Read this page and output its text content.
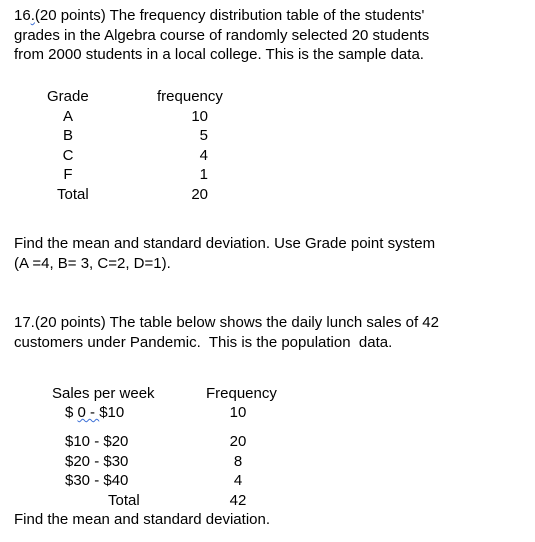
16.(20 points) The frequency distribution table of the students'
grades in the Algebra course of randomly selected 20 students
from 2000 students in a local college. This is the sample data.
Grade	frequency
A	10
B	5
C	4
F	1
Total	20
Find the mean and standard deviation. Use Grade point system
(A =4, B= 3, C=2, D=1).
17.(20 points) The table below shows the daily lunch sales of 42
customers under Pandemic.  This is the population  data.
Sales per week	Frequency
$ 0 - $10	10
$10 - $20	20
$20 - $30	8
$30 - $40	4
Total	42
Find the mean and standard deviation.
